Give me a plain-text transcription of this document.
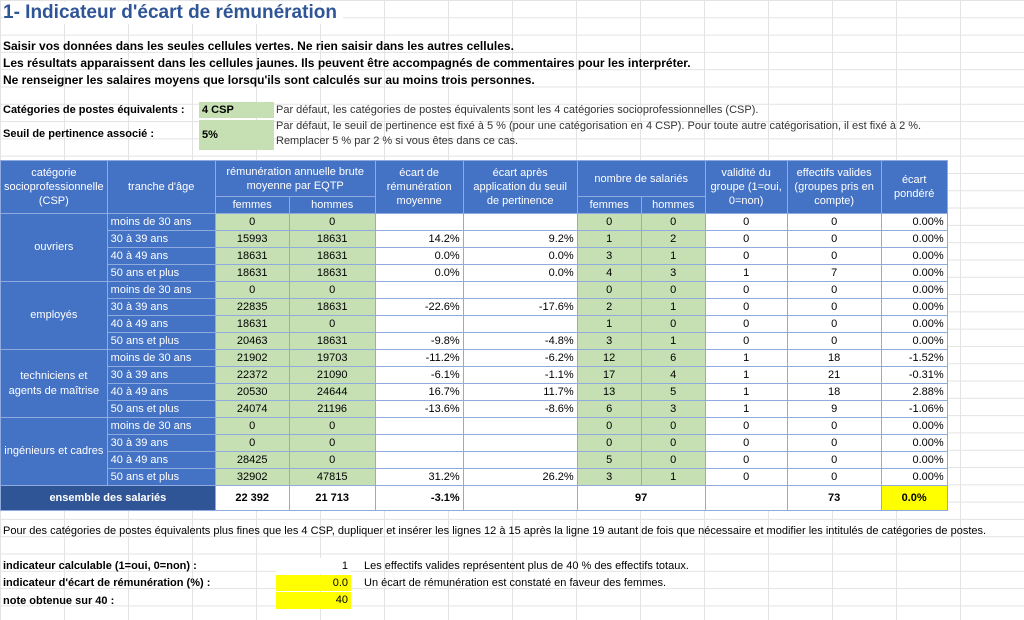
1- Indicateur d'écart de rémunération
Saisir vos données dans les seules cellules vertes. Ne rien saisir dans les autres cellules.
Les résultats apparaissent dans les cellules jaunes. Ils peuvent être accompagnés de commentaires pour les interpréter.
Ne renseigner les salaires moyens que lorsqu'ils sont calculés sur au moins trois personnes.
Catégories de postes équivalents : 4 CSP	Par défaut, les catégories de postes équivalents sont les 4 catégories socioprofessionnelles (CSP).
Seuil de pertinence associé :	5%
Par défaut, le seuil de pertinence est fixé à 5 % (pour une catégorisation en 4 CSP). Pour toute autre catégorisation, il est fixé à 2 %.
Remplacer 5 % par 2 % si vous êtes dans ce cas.
catégorie socioprofessionnelle (CSP)	tranche d'âge	rémunération annuelle brute moyenne par EQTP		écart de rémunération moyenne	écart après application du seuil de pertinence	nombre de salariés		validité du groupe (1=oui, 0=non)	effectifs valides (groupes pris en compte)	écart pondéré
		femmes	hommes			femmes	hommes			
ouvriers	moins de 30 ans	0	0			0	0	0	0	0.00%
	30 à 39 ans	15993	18631	14.2%	9.2%	1	2	0	0	0.00%
	40 à 49 ans	18631	18631	0.0%	0.0%	3	1	0	0	0.00%
	50 ans et plus	18631	18631	0.0%	0.0%	4	3	1	7	0.00%
employés	moins de 30 ans	0	0			0	0	0	0	0.00%
	30 à 39 ans	22835	18631	-22.6%	-17.6%	2	1	0	0	0.00%
	40 à 49 ans	18631	0			1	0	0	0	0.00%
	50 ans et plus	20463	18631	-9.8%	-4.8%	3	1	0	0	0.00%
techniciens et agents de maîtrise	moins de 30 ans	21902	19703	-11.2%	-6.2%	12	6	1	18	-1.52%
	30 à 39 ans	22372	21090	-6.1%	-1.1%	17	4	1	21	-0.31%
	40 à 49 ans	20530	24644	16.7%	11.7%	13	5	1	18	2.88%
	50 ans et plus	24074	21196	-13.6%	-8.6%	6	3	1	9	-1.06%
ingénieurs et cadres	moins de 30 ans	0	0			0	0	0	0	0.00%
	30 à 39 ans	0	0			0	0	0	0	0.00%
	40 à 49 ans	28425	0			5	0	0	0	0.00%
	50 ans et plus	32902	47815	31.2%	26.2%	3	1	0	0	0.00%
ensemble des salariés		22 392	21 713	-3.1%		97			73	0.0%
Pour des catégories de postes équivalents plus fines que les 4 CSP, dupliquer et insérer les lignes 12 à 15 après la ligne 19 autant de fois que nécessaire et modifier les intitulés de catégories de postes.
indicateur calculable (1=oui, 0=non) :	1 Les effectifs valides représentent plus de 40 % des effectifs totaux.
indicateur d'écart de rémunération (%) :	0.0 Un écart de rémunération est constaté en faveur des femmes.
note obtenue sur 40 :	40
